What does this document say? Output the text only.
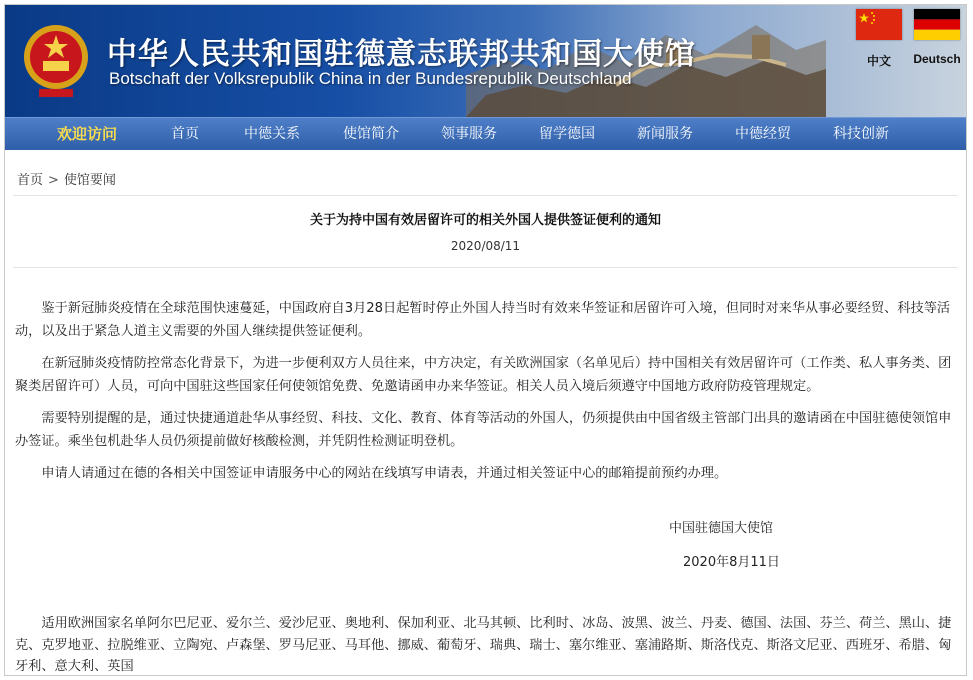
中华人民共和国驻德意志联邦共和国大使馆
Botschaft der Volksrepublik China in der Bundesrepublik Deutschland
中文	Deutsch
欢迎访问	首页	中德关系	使馆简介	领事服务	留学德国	新闻服务	中德经贸	科技创新
首页 > 使馆要闻
关于为持中国有效居留许可的相关外国人提供签证便利的通知
2020/08/11

鉴于新冠肺炎疫情在全球范围快速蔓延，中国政府自3月28日起暂时停止外国人持当时有效来华签证和居留许可入境，但同时对来华从事必要经贸、科技等活动，以及出于紧急人道主义需要的外国人继续提供签证便利。

在新冠肺炎疫情防控常态化背景下，为进一步便利双方人员往来，中方决定，有关欧洲国家（名单见后）持中国相关有效居留许可（工作类、私人事务类、团聚类居留许可）人员，可向中国驻这些国家任何使领馆免费、免邀请函申办来华签证。相关人员入境后须遵守中国地方政府防疫管理规定。

需要特别提醒的是，通过快捷通道赴华从事经贸、科技、文化、教育、体育等活动的外国人，仍须提供由中国省级主管部门出具的邀请函在中国驻德使领馆申办签证。乘坐包机赴华人员仍须提前做好核酸检测，并凭阴性检测证明登机。

申请人请通过在德的各相关中国签证申请服务中心的网站在线填写申请表，并通过相关签证中心的邮箱提前预约办理。

中国驻德国大使馆
2020年8月11日
适用欧洲国家名单阿尔巴尼亚、爱尔兰、爱沙尼亚、奥地利、保加利亚、北马其顿、比利时、冰岛、波黑、波兰、丹麦、德国、法国、芬兰、荷兰、黑山、捷克、克罗地亚、拉脱维亚、立陶宛、卢森堡、罗马尼亚、马耳他、挪威、葡萄牙、瑞典、瑞士、塞尔维亚、塞浦路斯、斯洛伐克、斯洛文尼亚、西班牙、希腊、匈牙利、意大利、英国
